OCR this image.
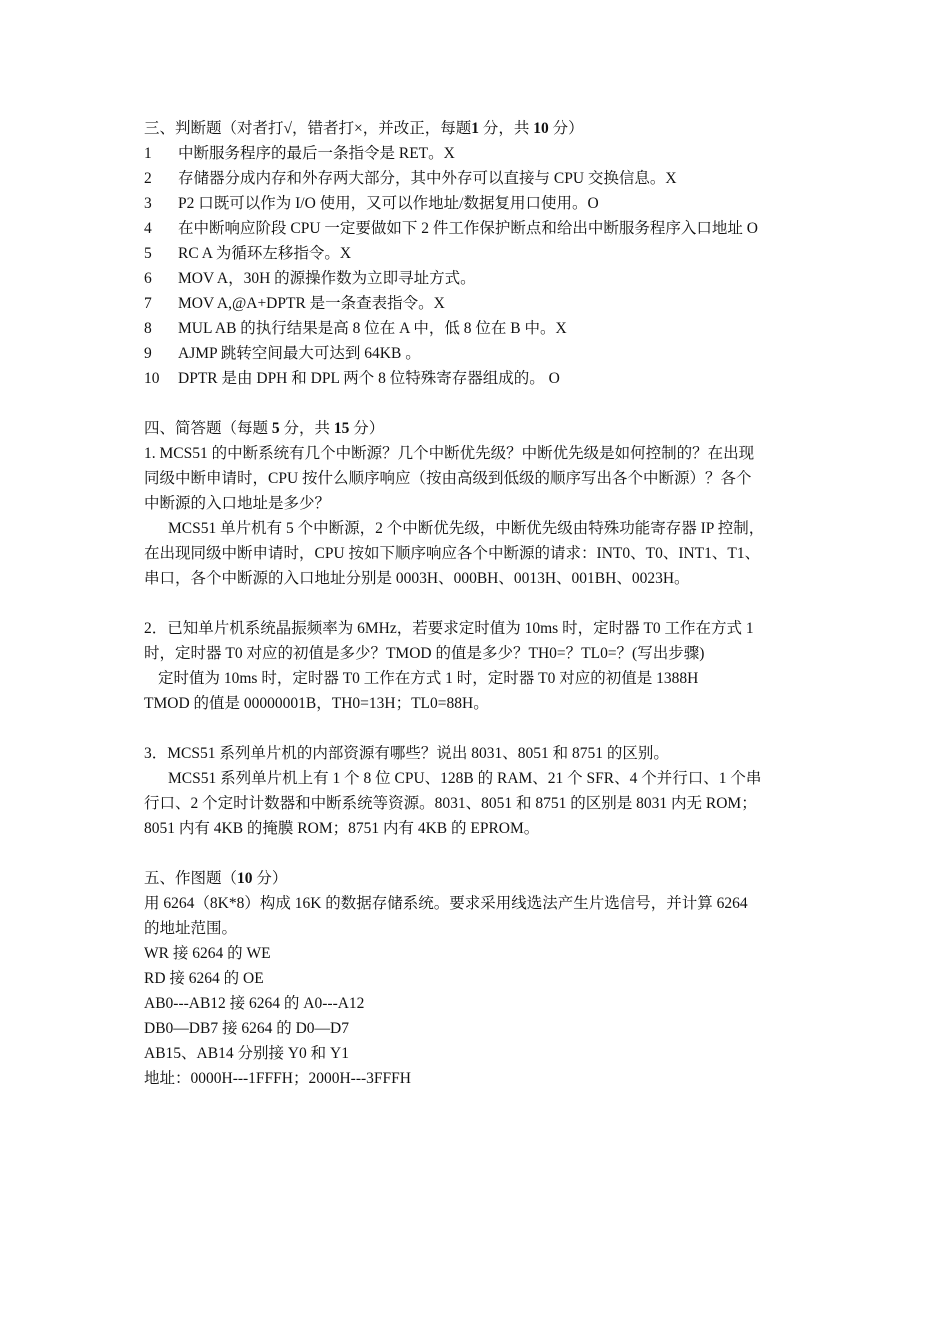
三、判断题（对者打√，错者打×，并改正，每题1 分，共 10 分）
1 中断服务程序的最后一条指令是 RET。X
2 存储器分成内存和外存两大部分，其中外存可以直接与 CPU 交换信息。X
3 P2 口既可以作为 I/O 使用，又可以作地址/数据复用口使用。O
4 在中断响应阶段 CPU 一定要做如下 2 件工作保护断点和给出中断服务程序入口地址 O
5 RC A 为循环左移指令。X
6 MOV A，30H 的源操作数为立即寻址方式。
7 MOV A,@A+DPTR 是一条查表指令。X
8 MUL AB 的执行结果是高 8 位在 A 中，低 8 位在 B 中。X
9 AJMP 跳转空间最大可达到 64KB 。
10 DPTR 是由 DPH 和 DPL 两个 8 位特殊寄存器组成的。 O
四、简答题（每题 5 分，共 15 分）
1. MCS51 的中断系统有几个中断源？几个中断优先级？中断优先级是如何控制的？在出现
同级中断申请时，CPU 按什么顺序响应（按由高级到低级的顺序写出各个中断源）？各个
中断源的入口地址是多少？
MCS51 单片机有 5 个中断源，2 个中断优先级，中断优先级由特殊功能寄存器 IP 控制，
在出现同级中断申请时，CPU 按如下顺序响应各个中断源的请求：INT0、T0、INT1、T1、
串口，各个中断源的入口地址分别是 0003H、000BH、0013H、001BH、0023H。
2．已知单片机系统晶振频率为 6MHz，若要求定时值为 10ms 时，定时器 T0 工作在方式 1
时，定时器 T0 对应的初值是多少？TMOD 的值是多少？TH0=？TL0=？(写出步骤)
定时值为 10ms 时，定时器 T0 工作在方式 1 时，定时器 T0 对应的初值是 1388H
TMOD 的值是 00000001B，TH0=13H；TL0=88H。
3．MCS51 系列单片机的内部资源有哪些？说出 8031、8051 和 8751 的区别。
MCS51 系列单片机上有 1 个 8 位 CPU、128B 的 RAM、21 个 SFR、4 个并行口、1 个串
行口、2 个定时计数器和中断系统等资源。8031、8051 和 8751 的区别是 8031 内无 ROM；
8051 内有 4KB 的掩膜 ROM；8751 内有 4KB 的 EPROM。
五、作图题（10 分）
用 6264（8K*8）构成 16K 的数据存储系统。要求采用线选法产生片选信号，并计算 6264
的地址范围。
WR 接 6264 的 WE
RD 接 6264 的 OE
AB0---AB12 接 6264 的 A0---A12
DB0—DB7 接 6264 的 D0—D7
AB15、AB14 分别接 Y0 和 Y1
地址：0000H---1FFFH；2000H---3FFFH
